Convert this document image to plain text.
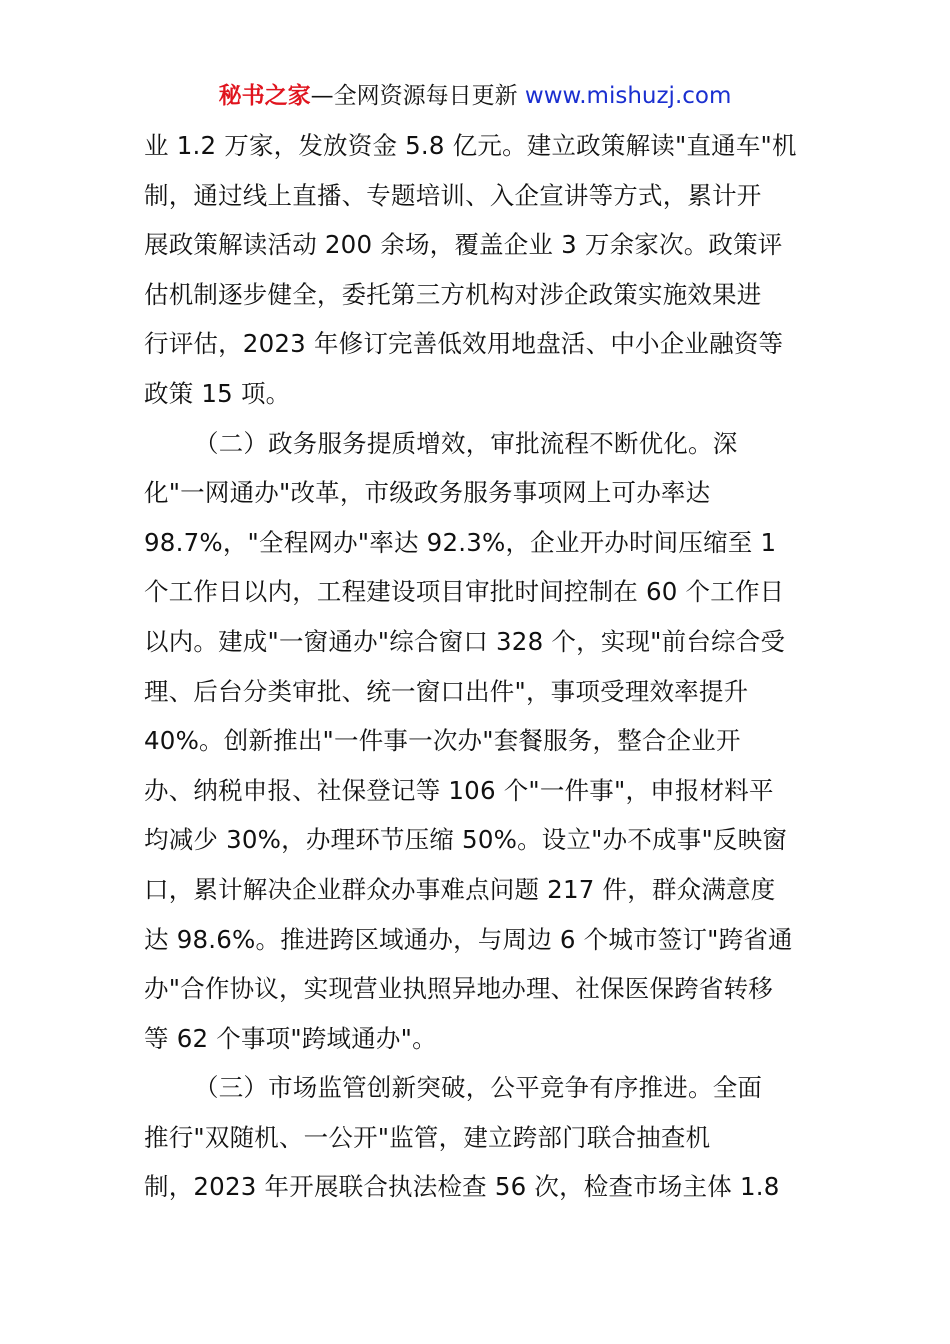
秘书之家—全网资源每日更新 www.mishuzj.com
业 1.2 万家，发放资金 5.8 亿元。建立政策解读"直通车"机
制，通过线上直播、专题培训、入企宣讲等方式，累计开
展政策解读活动 200 余场，覆盖企业 3 万余家次。政策评
估机制逐步健全，委托第三方机构对涉企政策实施效果进
行评估，2023 年修订完善低效用地盘活、中小企业融资等
政策 15 项。
（二）政务服务提质增效，审批流程不断优化。深
化"一网通办"改革，市级政务服务事项网上可办率达
98.7%，"全程网办"率达 92.3%，企业开办时间压缩至 1
个工作日以内，工程建设项目审批时间控制在 60 个工作日
以内。建成"一窗通办"综合窗口 328 个，实现"前台综合受
理、后台分类审批、统一窗口出件"，事项受理效率提升
40%。创新推出"一件事一次办"套餐服务，整合企业开
办、纳税申报、社保登记等 106 个"一件事"，申报材料平
均减少 30%，办理环节压缩 50%。设立"办不成事"反映窗
口，累计解决企业群众办事难点问题 217 件，群众满意度
达 98.6%。推进跨区域通办，与周边 6 个城市签订"跨省通
办"合作协议，实现营业执照异地办理、社保医保跨省转移
等 62 个事项"跨域通办"。
（三）市场监管创新突破，公平竞争有序推进。全面
推行"双随机、一公开"监管，建立跨部门联合抽查机
制，2023 年开展联合执法检查 56 次，检查市场主体 1.8
